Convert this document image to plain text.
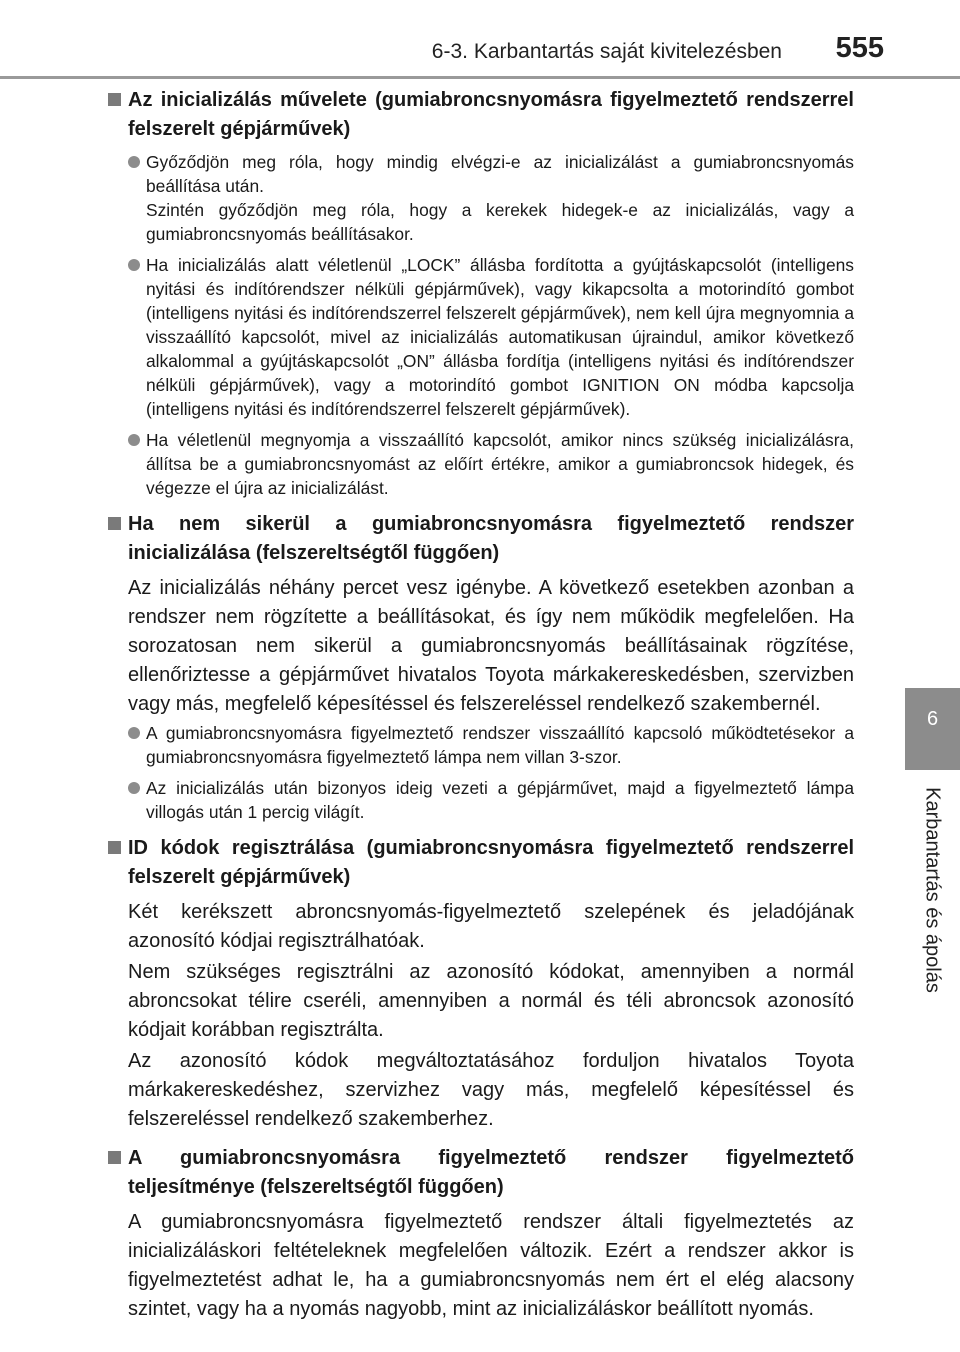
6-3. Karbantartás saját kivitelezésben 555
6
Karbantartás és ápolás
Az inicializálás művelete (gumiabroncsnyomásra figyelmeztető rendszerrel felszerelt gépjárművek)

Győződjön meg róla, hogy mindig elvégzi-e az inicializálást a gumiabroncsnyomás beállítása után.

Szintén győződjön meg róla, hogy a kerekek hidegek-e az inicializálás, vagy a gumiabroncsnyomás beállításakor.

Ha inicializálás alatt véletlenül „LOCK” állásba fordította a gyújtáskapcsolót (intelligens nyitási és indítórendszer nélküli gépjárművek), vagy kikapcsolta a motorindító gombot (intelligens nyitási és indítórendszerrel felszerelt gépjárművek), nem kell újra megnyomnia a visszaállító kapcsolót, mivel az inicializálás automatikusan újraindul, amikor következő alkalommal a gyújtáskapcsolót „ON” állásba fordítja (intelligens nyitási és indítórendszer nélküli gépjárművek), vagy a motorindító gombot IGNITION ON módba kapcsolja (intelligens nyitási és indítórendszerrel felszerelt gépjárművek).

Ha véletlenül megnyomja a visszaállító kapcsolót, amikor nincs szükség inicializálásra, állítsa be a gumiabroncsnyomást az előírt értékre, amikor a gumiabroncsok hidegek, és végezze el újra az inicializálást.

Ha nem sikerül a gumiabroncsnyomásra figyelmeztető rendszer inicializálása (felszereltségtől függően)

Az inicializálás néhány percet vesz igénybe. A következő esetekben azonban a rendszer nem rögzítette a beállításokat, és így nem működik megfelelően. Ha sorozatosan nem sikerül a gumiabroncsnyomás beállításainak rögzítése, ellenőriztesse a gépjárművet hivatalos Toyota márkakereskedésben, szervizben vagy más, megfelelő képesítéssel és felszereléssel rendelkező szakembernél.

A gumiabroncsnyomásra figyelmeztető rendszer visszaállító kapcsoló működtetésekor a gumiabroncsnyomásra figyelmeztető lámpa nem villan 3-szor.

Az inicializálás után bizonyos ideig vezeti a gépjárművet, majd a figyelmeztető lámpa villogás után 1 percig világít.

ID kódok regisztrálása (gumiabroncsnyomásra figyelmeztető rendszerrel felszerelt gépjárművek)

Két kerékszett abroncsnyomás-figyelmeztető szelepének és jeladójának azonosító kódjai regisztrálhatóak.

Nem szükséges regisztrálni az azonosító kódokat, amennyiben a normál abroncsokat télire cseréli, amennyiben a normál és téli abroncsok azonosító kódjait korábban regisztrálta.

Az azonosító kódok megváltoztatásához forduljon hivatalos Toyota márkakereskedéshez, szervizhez vagy más, megfelelő képesítéssel és felszereléssel rendelkező szakemberhez.

A gumiabroncsnyomásra figyelmeztető rendszer figyelmeztető teljesítménye (felszereltségtől függően)

A gumiabroncsnyomásra figyelmeztető rendszer általi figyelmeztetés az inicializáláskori feltételeknek megfelelően változik. Ezért a rendszer akkor is figyelmeztetést adhat le, ha a gumiabroncsnyomás nem ért el elég alacsony szintet, vagy ha a nyomás nagyobb, mint az inicializáláskor beállított nyomás.
